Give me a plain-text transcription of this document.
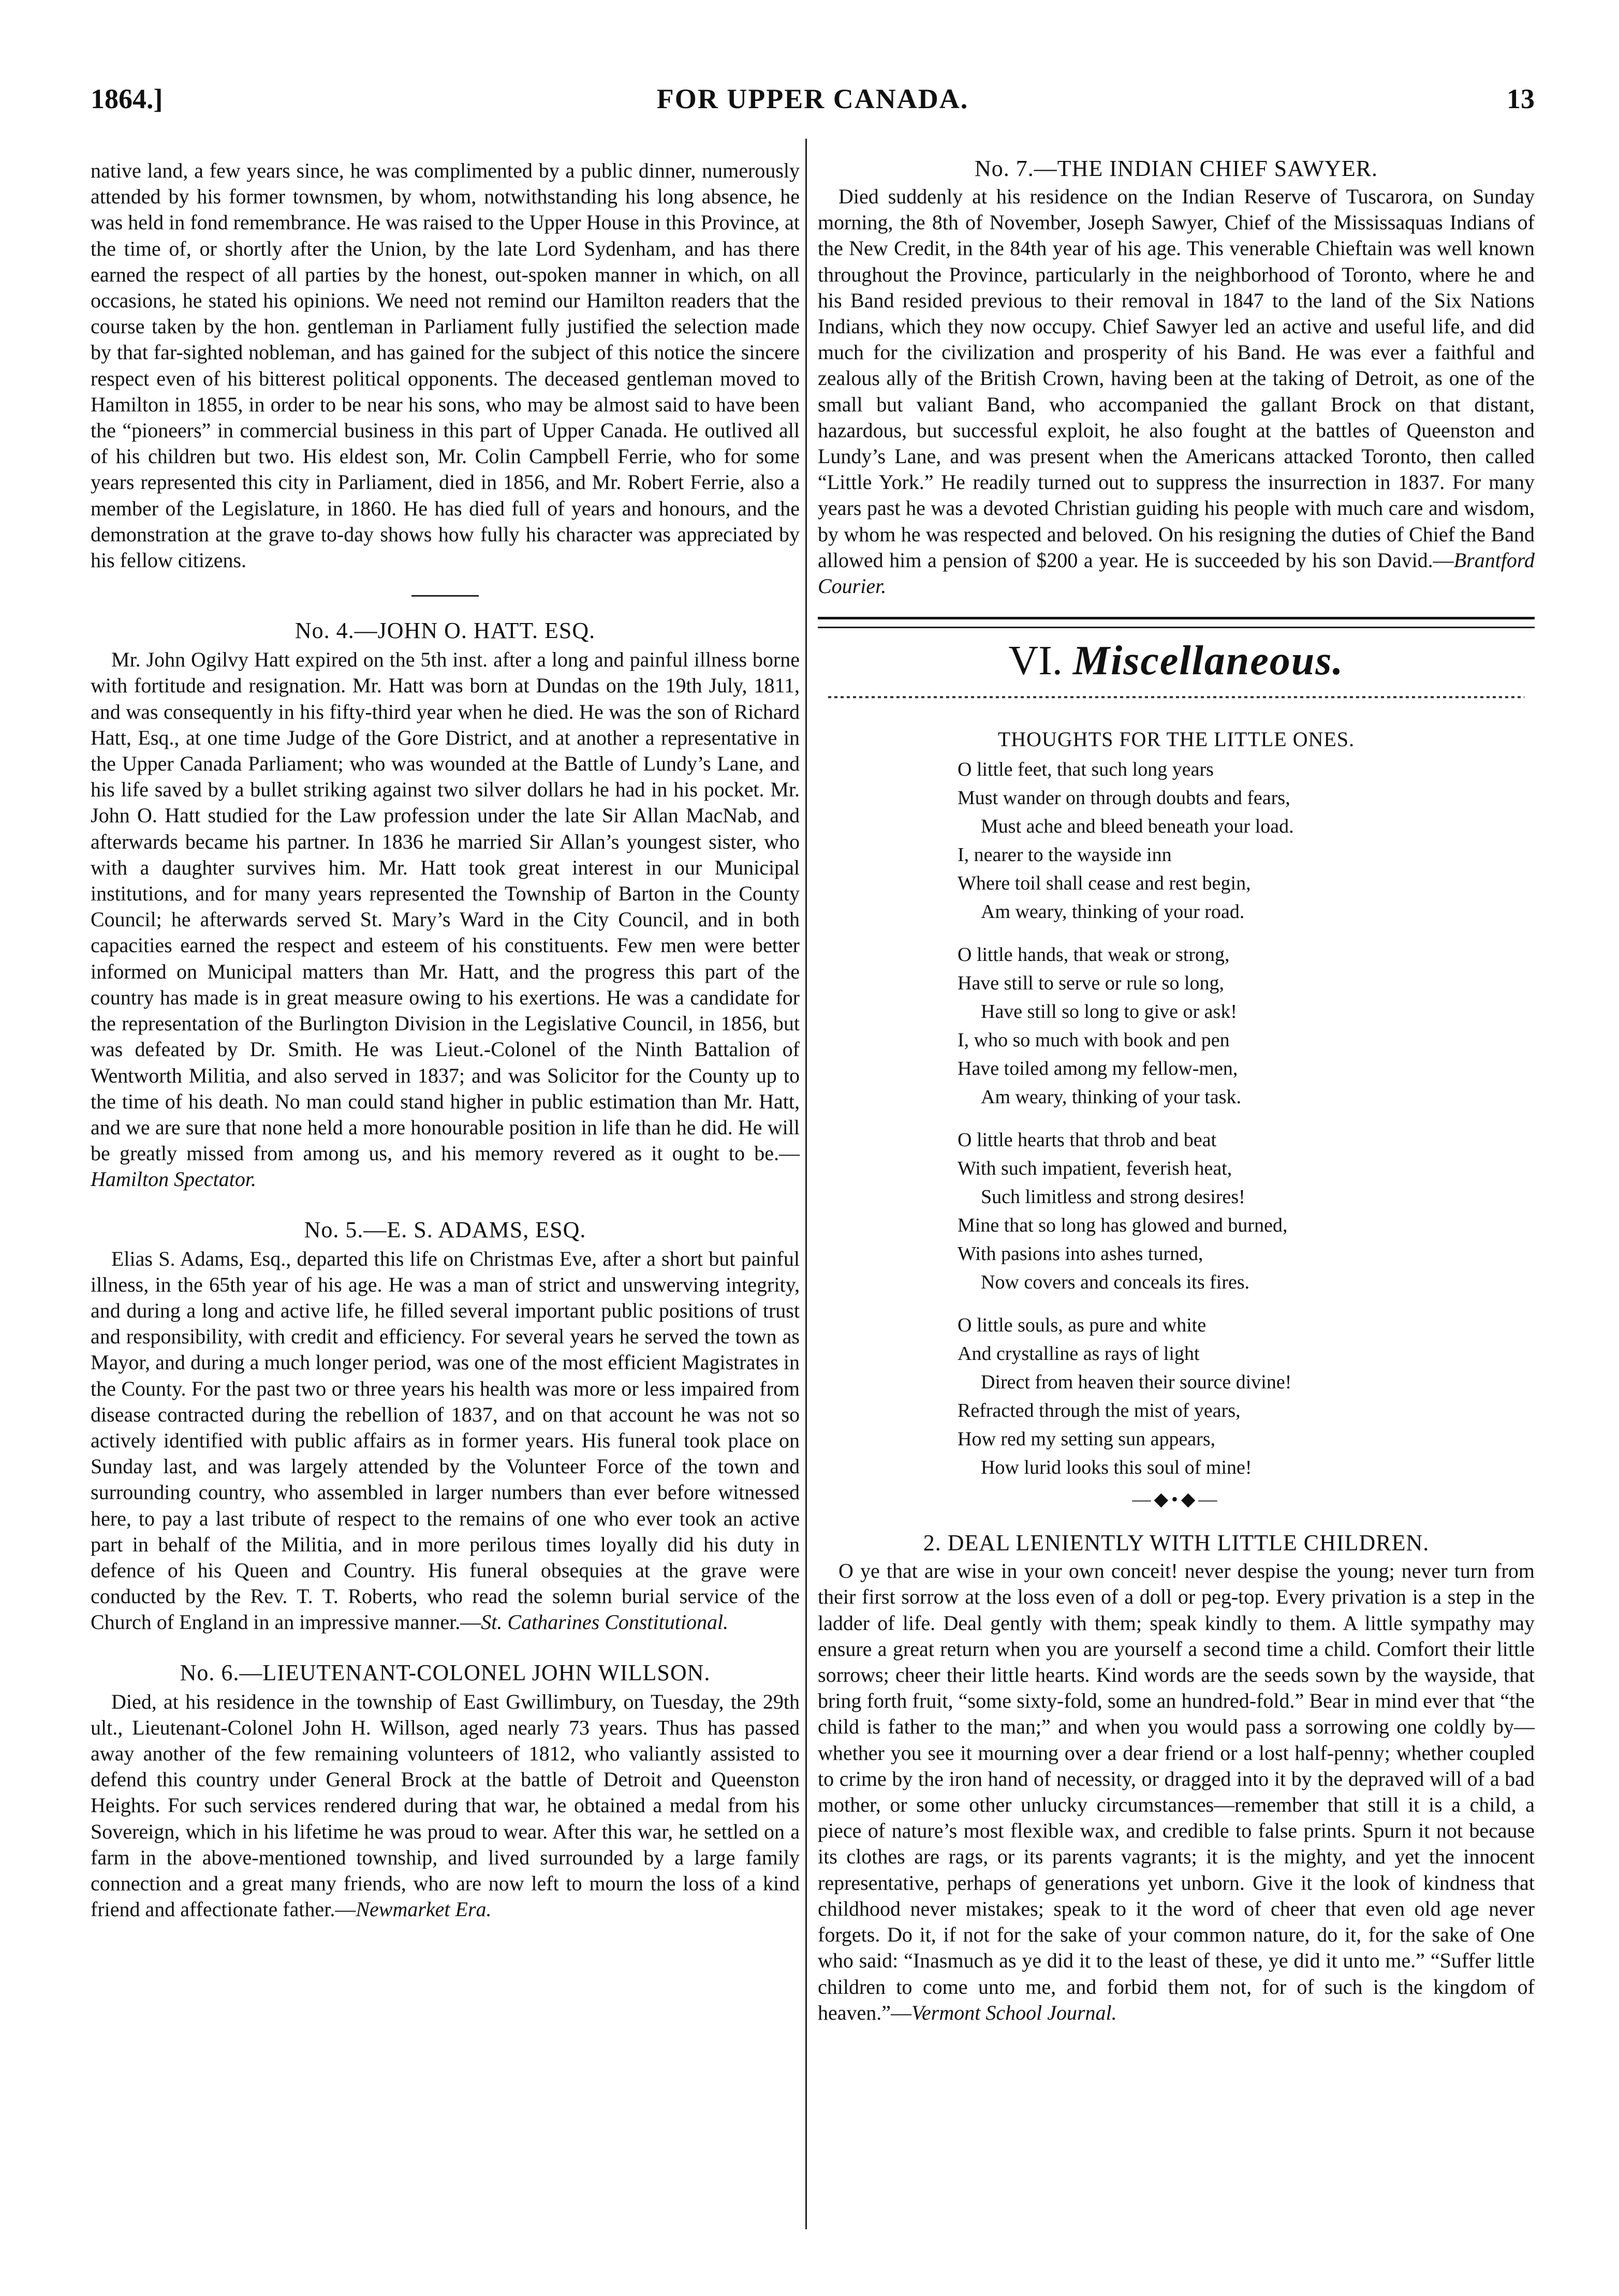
1864.]	FOR UPPER CANADA.	13

native land, a few years since, he was complimented by a public dinner, numerously attended by his former townsmen, by whom, notwithstanding his long absence, he was held in fond remembrance. He was raised to the Upper House in this Province, at the time of, or shortly after the Union, by the late Lord Sydenham, and has there earned the respect of all parties by the honest, out-spoken manner in which, on all occasions, he stated his opinions. We need not remind our Hamilton readers that the course taken by the hon. gentleman in Parliament fully justified the selection made by that far-sighted nobleman, and has gained for the subject of this notice the sincere respect even of his bitterest political opponents. The deceased gentleman moved to Hamilton in 1855, in order to be near his sons, who may be almost said to have been the “pioneers” in commercial business in this part of Upper Canada. He outlived all of his children but two. His eldest son, Mr. Colin Campbell Ferrie, who for some years represented this city in Parliament, died in 1856, and Mr. Robert Ferrie, also a member of the Legislature, in 1860. He has died full of years and honours, and the demonstration at the grave to-day shows how fully his character was appreciated by his fellow citizens.

No. 4.—JOHN O. HATT. ESQ.

Mr. John Ogilvy Hatt expired on the 5th inst. after a long and painful illness borne with fortitude and resignation. Mr. Hatt was born at Dundas on the 19th July, 1811, and was consequently in his fifty-third year when he died. He was the son of Richard Hatt, Esq., at one time Judge of the Gore District, and at another a representative in the Upper Canada Parliament; who was wounded at the Battle of Lundy’s Lane, and his life saved by a bullet striking against two silver dollars he had in his pocket. Mr. John O. Hatt studied for the Law profession under the late Sir Allan MacNab, and afterwards became his partner. In 1836 he married Sir Allan’s youngest sister, who with a daughter survives him. Mr. Hatt took great interest in our Municipal institutions, and for many years represented the Township of Barton in the County Council; he afterwards served St. Mary’s Ward in the City Council, and in both capacities earned the respect and esteem of his constituents. Few men were better informed on Municipal matters than Mr. Hatt, and the progress this part of the country has made is in great measure owing to his exertions. He was a candidate for the representation of the Burlington Division in the Legislative Council, in 1856, but was defeated by Dr. Smith. He was Lieut.-Colonel of the Ninth Battalion of Wentworth Militia, and also served in 1837; and was Solicitor for the County up to the time of his death. No man could stand higher in public estimation than Mr. Hatt, and we are sure that none held a more honourable position in life than he did. He will be greatly missed from among us, and his memory revered as it ought to be.—Hamilton Spectator.

No. 5.—E. S. ADAMS, ESQ.

Elias S. Adams, Esq., departed this life on Christmas Eve, after a short but painful illness, in the 65th year of his age. He was a man of strict and unswerving integrity, and during a long and active life, he filled several important public positions of trust and responsibility, with credit and efficiency. For several years he served the town as Mayor, and during a much longer period, was one of the most efficient Magistrates in the County. For the past two or three years his health was more or less impaired from disease contracted during the rebellion of 1837, and on that account he was not so actively identified with public affairs as in former years. His funeral took place on Sunday last, and was largely attended by the Volunteer Force of the town and surrounding country, who assembled in larger numbers than ever before witnessed here, to pay a last tribute of respect to the remains of one who ever took an active part in behalf of the Militia, and in more perilous times loyally did his duty in defence of his Queen and Country. His funeral obsequies at the grave were conducted by the Rev. T. T. Roberts, who read the solemn burial service of the Church of England in an impressive manner.—St. Catharines Constitutional.

No. 6.—LIEUTENANT-COLONEL JOHN WILLSON.

Died, at his residence in the township of East Gwillimbury, on Tuesday, the 29th ult., Lieutenant-Colonel John H. Willson, aged nearly 73 years. Thus has passed away another of the few remaining volunteers of 1812, who valiantly assisted to defend this country under General Brock at the battle of Detroit and Queenston Heights. For such services rendered during that war, he obtained a medal from his Sovereign, which in his lifetime he was proud to wear. After this war, he settled on a farm in the above-mentioned township, and lived surrounded by a large family connection and a great many friends, who are now left to mourn the loss of a kind friend and affectionate father.—Newmarket Era.

No. 7.—THE INDIAN CHIEF SAWYER.

Died suddenly at his residence on the Indian Reserve of Tuscarora, on Sunday morning, the 8th of November, Joseph Sawyer, Chief of the Mississaquas Indians of the New Credit, in the 84th year of his age. This venerable Chieftain was well known throughout the Province, particularly in the neighborhood of Toronto, where he and his Band resided previous to their removal in 1847 to the land of the Six Nations Indians, which they now occupy. Chief Sawyer led an active and useful life, and did much for the civilization and prosperity of his Band. He was ever a faithful and zealous ally of the British Crown, having been at the taking of Detroit, as one of the small but valiant Band, who accompanied the gallant Brock on that distant, hazardous, but successful exploit, he also fought at the battles of Queenston and Lundy’s Lane, and was present when the Americans attacked Toronto, then called “Little York.” He readily turned out to suppress the insurrection in 1837. For many years past he was a devoted Christian guiding his people with much care and wisdom, by whom he was respected and beloved. On his resigning the duties of Chief the Band allowed him a pension of $200 a year. He is succeeded by his son David.—Brantford Courier.

VI. Miscellaneous.

THOUGHTS FOR THE LITTLE ONES.

O little feet, that such long years
Must wander on through doubts and fears,
Must ache and bleed beneath your load.
I, nearer to the wayside inn
Where toil shall cease and rest begin,
Am weary, thinking of your road.
O little hands, that weak or strong,
Have still to serve or rule so long,
Have still so long to give or ask!
I, who so much with book and pen
Have toiled among my fellow-men,
Am weary, thinking of your task.
O little hearts that throb and beat
With such impatient, feverish heat,
Such limitless and strong desires!
Mine that so long has glowed and burned,
With pasions into ashes turned,
Now covers and conceals its fires.
O little souls, as pure and white
And crystalline as rays of light
Direct from heaven their source divine!
Refracted through the mist of years,
How red my setting sun appears,
How lurid looks this soul of mine!

—◆•◆—

2. DEAL LENIENTLY WITH LITTLE CHILDREN.

O ye that are wise in your own conceit! never despise the young; never turn from their first sorrow at the loss even of a doll or peg-top. Every privation is a step in the ladder of life. Deal gently with them; speak kindly to them. A little sympathy may ensure a great return when you are yourself a second time a child. Comfort their little sorrows; cheer their little hearts. Kind words are the seeds sown by the wayside, that bring forth fruit, “some sixty-fold, some an hundred-fold.” Bear in mind ever that “the child is father to the man;” and when you would pass a sorrowing one coldly by—whether you see it mourning over a dear friend or a lost half-penny; whether coupled to crime by the iron hand of necessity, or dragged into it by the depraved will of a bad mother, or some other unlucky circumstances—remember that still it is a child, a piece of nature’s most flexible wax, and credible to false prints. Spurn it not because its clothes are rags, or its parents vagrants; it is the mighty, and yet the innocent representative, perhaps of generations yet unborn. Give it the look of kindness that childhood never mistakes; speak to it the word of cheer that even old age never forgets. Do it, if not for the sake of your common nature, do it, for the sake of One who said: “Inasmuch as ye did it to the least of these, ye did it unto me.” “Suffer little children to come unto me, and forbid them not, for of such is the kingdom of heaven.”—Vermont School Journal.
